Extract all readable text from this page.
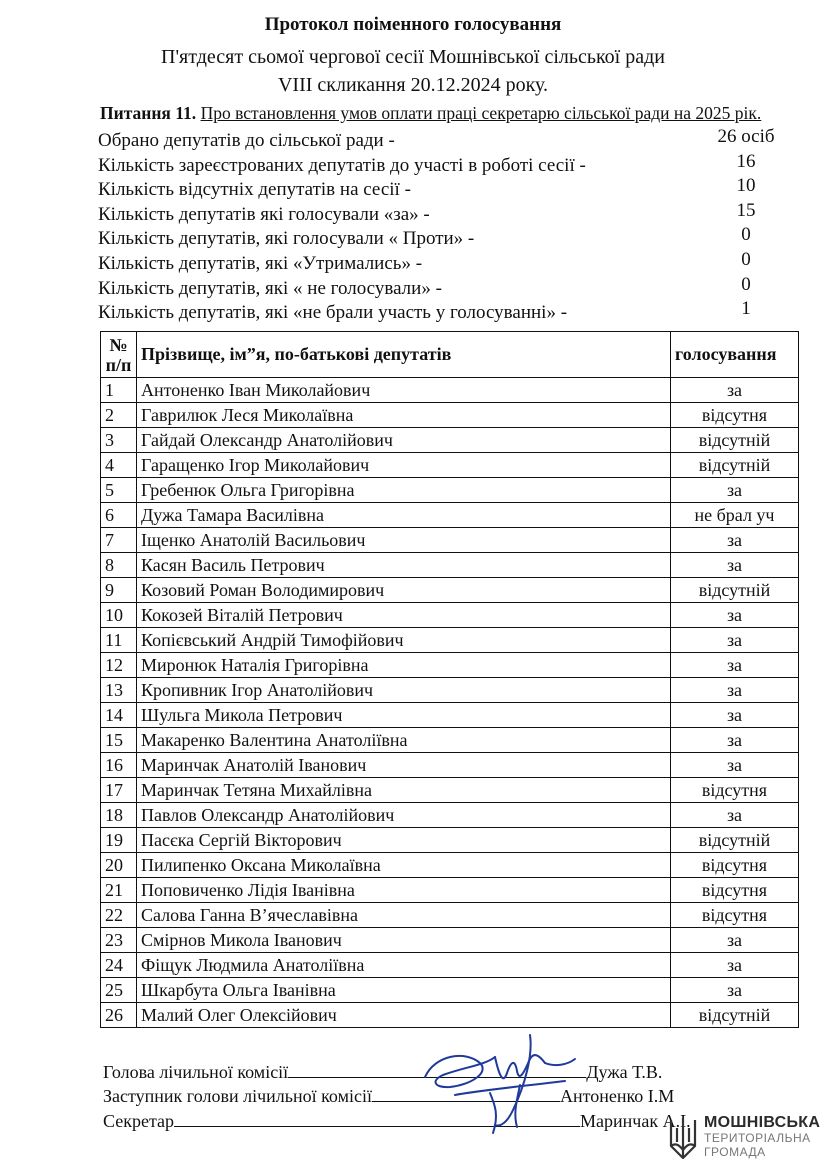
Протокол поіменного голосування
П'ятдесят сьомої чергової сесії Мошнівської сільської ради
VIII скликання 20.12.2024 року.
Питання 11. Про встановлення умов оплати праці секретарю сільської ради на 2025 рік.
Обрано депутатів до сільської ради -	26 осіб
Кількість зареєстрованих депутатів до участі в роботі сесії -	16
Кількість відсутніх депутатів на сесії -	10
Кількість депутатів які голосували «за» -	15
Кількість депутатів, які голосували « Проти» -	0
Кількість депутатів, які «Утримались» -	0
Кількість депутатів, які « не голосували» -	0
Кількість депутатів, які «не брали участь у голосуванні» -	1
№
п/п	Прізвище, ім”я, по-батькові депутатів	голосування
1	Антоненко Іван Миколайович	за
2	Гаврилюк Леся Миколаївна	відсутня
3	Гайдай Олександр Анатолійович	відсутній
4	Гаращенко Ігор Миколайович	відсутній
5	Гребенюк Ольга Григорівна	за
6	Дужа Тамара Василівна	не брал уч
7	Іщенко Анатолій Васильович	за
8	Касян Василь Петрович	за
9	Козовий Роман Володимирович	відсутній
10	Кокозей Віталій Петрович	за
11	Копієвський Андрій Тимофійович	за
12	Миронюк Наталія Григорівна	за
13	Кропивник Ігор Анатолійович	за
14	Шульга Микола Петрович	за
15	Макаренко Валентина Анатоліївна	за
16	Маринчак Анатолій Іванович	за
17	Маринчак Тетяна Михайлівна	відсутня
18	Павлов Олександр Анатолійович	за
19	Пасєка Сергій Вікторович	відсутній
20	Пилипенко Оксана Миколаївна	відсутня
21	Поповиченко Лідія Іванівна	відсутня
22	Салова Ганна В’ячеславівна	відсутня
23	Смірнов Микола Іванович	за
24	Фіщук Людмила Анатоліївна	за
25	Шкарбута Ольга Іванівна	за
26	Малий Олег Олексійович	відсутній
Голова лічильної комісії	Дужа Т.В.
Заступник голови лічильної комісії	Антоненко І.М
Секретар	Маринчак А.І. МОШНІВСЬКА
ТЕРИТОРІАЛЬНА
ГРОМАДА
